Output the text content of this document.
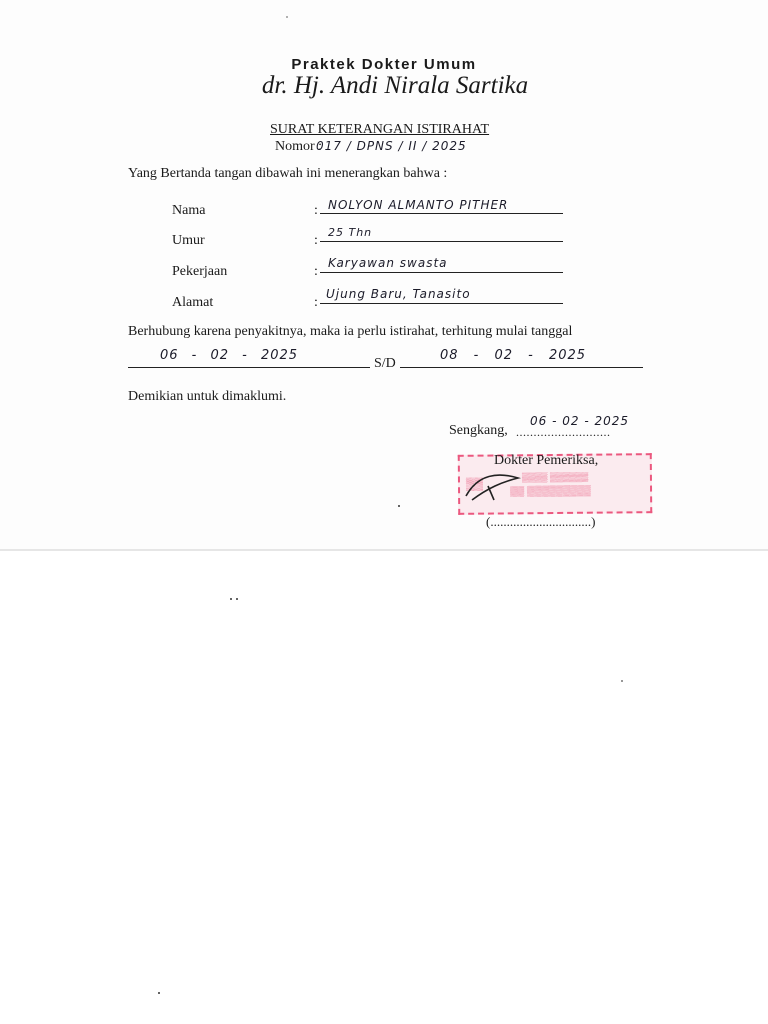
Praktek Dokter Umum
dr. Hj. Andi Nirala Sartika
SURAT KETERANGAN ISTIRAHAT
Nomor :
017 / DPNS / II / 2025
Yang Bertanda tangan dibawah ini menerangkan bahwa :
Nama	: NOLYON ALMANTO PITHER
Umur	:
25 Thn
Pekerjaan	:
Karyawan swasta
Alamat	:
Ujung Baru, Tanasito
Berhubung karena penyakitnya, maka ia perlu istirahat, terhitung mulai tanggal
06 - 02 - 2025
S/D
08 - 02 - 2025
Demikian untuk dimaklumi.
Sengkang, ...........................
06 - 02 - 2025
▒▒▒▒ ▒▒▒▒▒▒
▒▒ ▒▒▒▒▒▒▒▒▒
▒▒
Dokter Pemeriksa,
(...............................)
